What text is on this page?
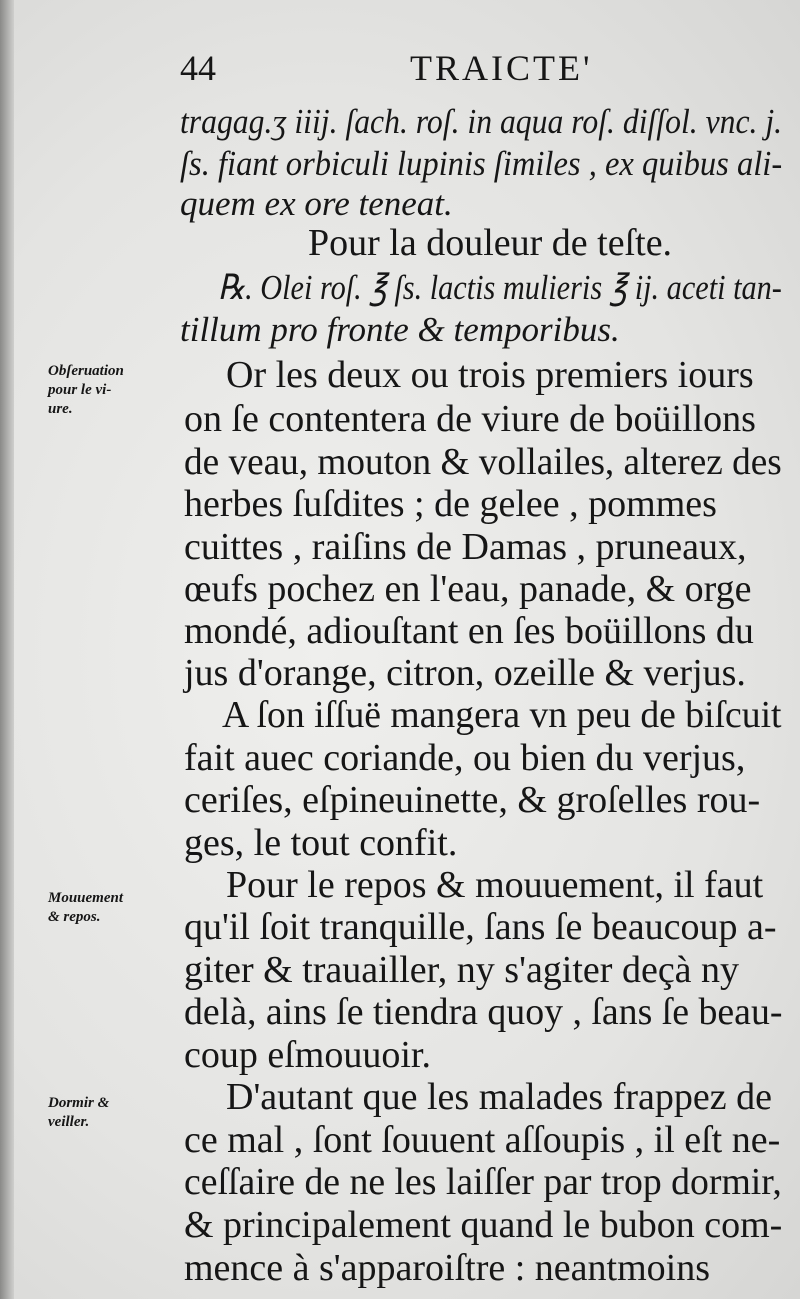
44	TRAICTE'
tragag.ʒ iiij. ſach. roſ. in aqua roſ. diſſol. vnc. j.
ſs. fiant orbiculi lupinis ſimiles , ex quibus ali-
quem ex ore teneat.
Pour la douleur de teſte.
℞. Olei roſ. ℥ ſs. lactis mulieris ℥ ij. aceti tan-
tillum pro fronte & temporibus.
Or les deux ou trois premiers iours
on ſe contentera de viure de boüillons
de veau, mouton & vollailes, alterez des
herbes ſuſdites ; de gelee , pommes
cuittes , raiſins de Damas , pruneaux,
œufs pochez en l'eau, panade, & orge
mondé, adiouſtant en ſes boüillons du
jus d'orange, citron, ozeille & verjus.
A ſon iſſuë mangera vn peu de biſcuit
fait auec coriande, ou bien du verjus,
ceriſes, eſpineuinette, & groſelles rou-
ges, le tout confit.
Pour le repos & mouuement, il faut
qu'il ſoit tranquille, ſans ſe beaucoup a-
giter & trauailler, ny s'agiter deçà ny
delà, ains ſe tiendra quoy , ſans ſe beau-
coup eſmouuoir.
D'autant que les malades frappez de
ce mal , ſont ſouuent aſſoupis , il eſt ne-
ceſſaire de ne les laiſſer par trop dormir,
& principalement quand le bubon com-
mence à s'apparoiſtre : neantmoins
Obſeruation
pour le vi-
ure.
Mouuement
& repos.
Dormir &
veiller.
